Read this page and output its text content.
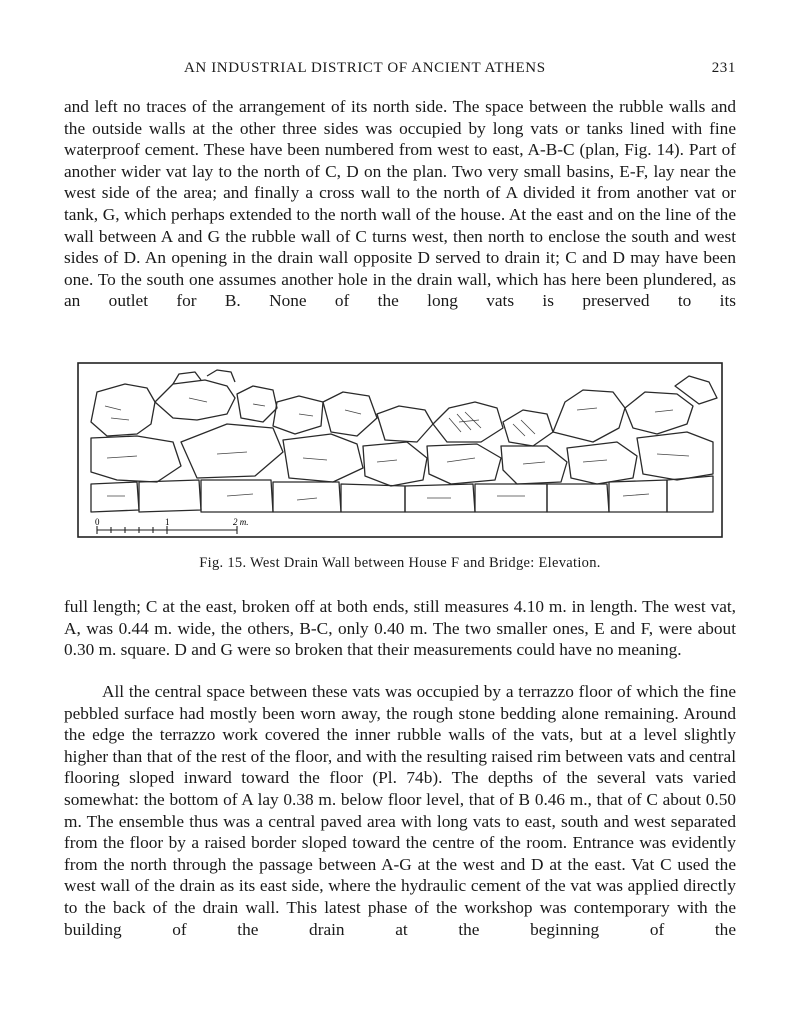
AN INDUSTRIAL DISTRICT OF ANCIENT ATHENS	231

and left no traces of the arrangement of its north side. The space between the rubble walls and the outside walls at the other three sides was occupied by long vats or tanks lined with fine waterproof cement. These have been numbered from west to east, A-B-C (plan, Fig. 14). Part of another wider vat lay to the north of C, D on the plan. Two very small basins, E-F, lay near the west side of the area; and finally a cross wall to the north of A divided it from another vat or tank, G, which perhaps extended to the north wall of the house. At the east and on the line of the wall between A and G the rubble wall of C turns west, then north to enclose the south and west sides of D. An opening in the drain wall opposite D served to drain it; C and D may have been one. To the south one assumes another hole in the drain wall, which has here been plundered, as an outlet for B. None of the long vats is preserved to its

0	1	2 m.
Fig. 15. West Drain Wall between House F and Bridge: Elevation.

full length; C at the east, broken off at both ends, still measures 4.10 m. in length. The west vat, A, was 0.44 m. wide, the others, B-C, only 0.40 m. The two smaller ones, E and F, were about 0.30 m. square. D and G were so broken that their measurements could have no meaning.

All the central space between these vats was occupied by a terrazzo floor of which the fine pebbled surface had mostly been worn away, the rough stone bedding alone remaining. Around the edge the terrazzo work covered the inner rubble walls of the vats, but at a level slightly higher than that of the rest of the floor, and with the resulting raised rim between vats and central flooring sloped inward toward the floor (Pl. 74b). The depths of the several vats varied somewhat: the bottom of A lay 0.38 m. below floor level, that of B 0.46 m., that of C about 0.50 m. The ensemble thus was a central paved area with long vats to east, south and west separated from the floor by a raised border sloped toward the centre of the room. Entrance was evidently from the north through the passage between A-G at the west and D at the east. Vat C used the west wall of the drain as its east side, where the hydraulic cement of the vat was applied directly to the back of the drain wall. This latest phase of the workshop was contemporary with the building of the drain at the beginning of the
